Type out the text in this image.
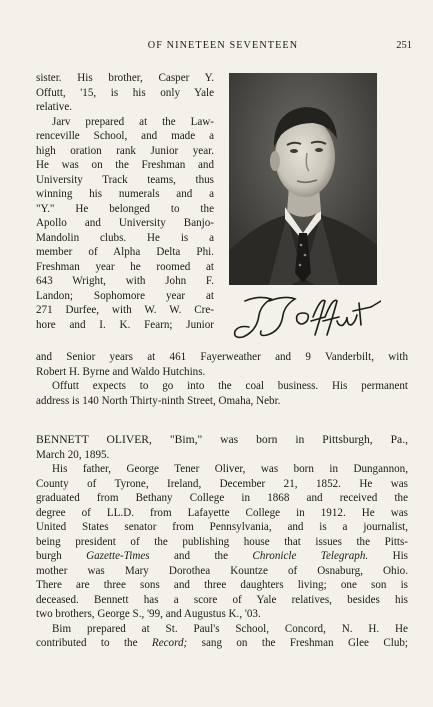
OF NINETEEN SEVENTEEN	251
sister. His brother, Casper Y.
Offutt, '15, is his only Yale
relative.
Jarv prepared at the Law-
renceville School, and made a
high oration rank Junior year.
He was on the Freshman and
University Track teams, thus
winning his numerals and a
"Y." He belonged to the
Apollo and University Banjo-
Mandolin clubs. He is a
member of Alpha Delta Phi.
Freshman year he roomed at
643 Wright, with John F.
Landon; Sophomore year at
271 Durfee, with W. W. Cre-
hore and I. K. Fearn; Junior
and Senior years at 461 Fayerweather and 9 Vanderbilt, with
Robert H. Byrne and Waldo Hutchins.
Offutt expects to go into the coal business. His permanent
address is 140 North Thirty-ninth Street, Omaha, Nebr.
BENNETT OLIVER, "Bim," was born in Pittsburgh, Pa.,
March 20, 1895.
His father, George Tener Oliver, was born in Dungannon,
County of Tyrone, Ireland, December 21, 1852. He was
graduated from Bethany College in 1868 and received the
degree of LL.D. from Lafayette College in 1912. He was
United States senator from Pennsylvania, and is a journalist,
being president of the publishing house that issues the Pitts-
burgh Gazette-Times and the Chronicle Telegraph. His
mother was Mary Dorothea Kountze of Osnaburg, Ohio.
There are three sons and three daughters living; one son is
deceased. Bennett has a score of Yale relatives, besides his
two brothers, George S., '99, and Augustus K., '03.
Bim prepared at St. Paul's School, Concord, N. H. He
contributed to the Record; sang on the Freshman Glee Club;
